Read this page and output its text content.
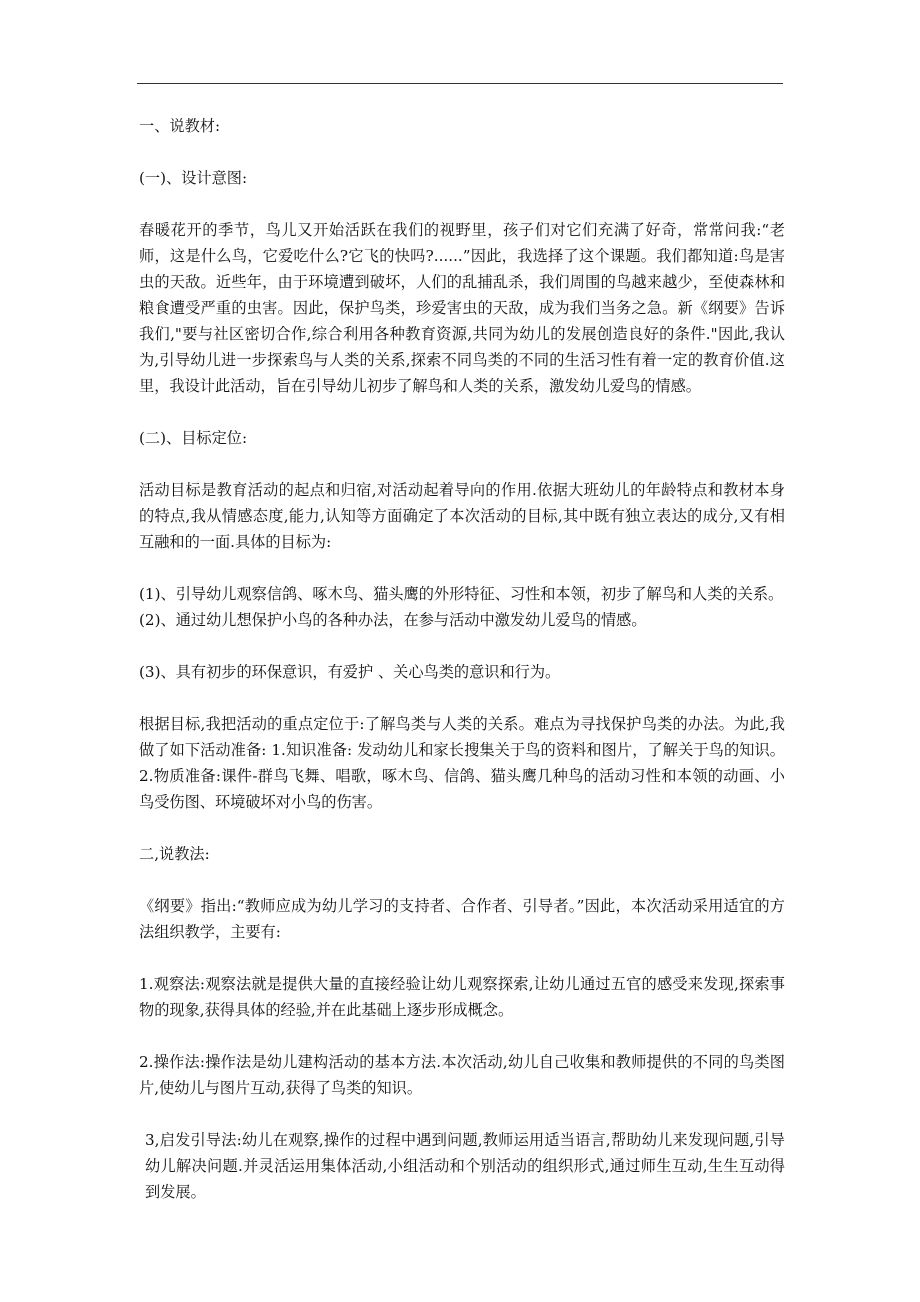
一、说教材:

(一)、设计意图:

春暖花开的季节，鸟儿又开始活跃在我们的视野里，孩子们对它们充满了好奇，常常问我:“老师，这是什么鸟，它爱吃什么?它飞的快吗?......”因此，我选择了这个课题。我们都知道:鸟是害虫的天敌。近些年，由于环境遭到破坏，人们的乱捕乱杀，我们周围的鸟越来越少，至使森林和粮食遭受严重的虫害。因此，保护鸟类，珍爱害虫的天敌，成为我们当务之急。新《纲要》告诉我们,"要与社区密切合作,综合利用各种教育资源,共同为幼儿的发展创造良好的条件."因此,我认为,引导幼儿进一步探索鸟与人类的关系,探索不同鸟类的不同的生活习性有着一定的教育价值.这里，我设计此活动，旨在引导幼儿初步了解鸟和人类的关系，激发幼儿爱鸟的情感。

(二)、目标定位:

活动目标是教育活动的起点和归宿,对活动起着导向的作用.依据大班幼儿的年龄特点和教材本身的特点,我从情感态度,能力,认知等方面确定了本次活动的目标,其中既有独立表达的成分,又有相互融和的一面.具体的目标为:

(1)、引导幼儿观察信鸽、啄木鸟、猫头鹰的外形特征、习性和本领，初步了解鸟和人类的关系。

(2)、通过幼儿想保护小鸟的各种办法，在参与活动中激发幼儿爱鸟的情感。

(3)、具有初步的环保意识，有爱护 、关心鸟类的意识和行为。

根据目标,我把活动的重点定位于:了解鸟类与人类的关系。难点为寻找保护鸟类的办法。为此,我做了如下活动准备: 1.知识准备: 发动幼儿和家长搜集关于鸟的资料和图片，了解关于鸟的知识。2.物质准备:课件-群鸟飞舞、唱歌，啄木鸟、信鸽、猫头鹰几种鸟的活动习性和本领的动画、小鸟受伤图、环境破坏对小鸟的伤害。

二,说教法:

《纲要》指出:“教师应成为幼儿学习的支持者、合作者、引导者。”因此，本次活动采用适宜的方法组织教学，主要有:

1.观察法:观察法就是提供大量的直接经验让幼儿观察探索,让幼儿通过五官的感受来发现,探索事物的现象,获得具体的经验,并在此基础上逐步形成概念。

2.操作法:操作法是幼儿建构活动的基本方法.本次活动,幼儿自己收集和教师提供的不同的鸟类图片,使幼儿与图片互动,获得了鸟类的知识。

3,启发引导法:幼儿在观察,操作的过程中遇到问题,教师运用适当语言,帮助幼儿来发现问题,引导幼儿解决问题.并灵活运用集体活动,小组活动和个别活动的组织形式,通过师生互动,生生互动得到发展。
